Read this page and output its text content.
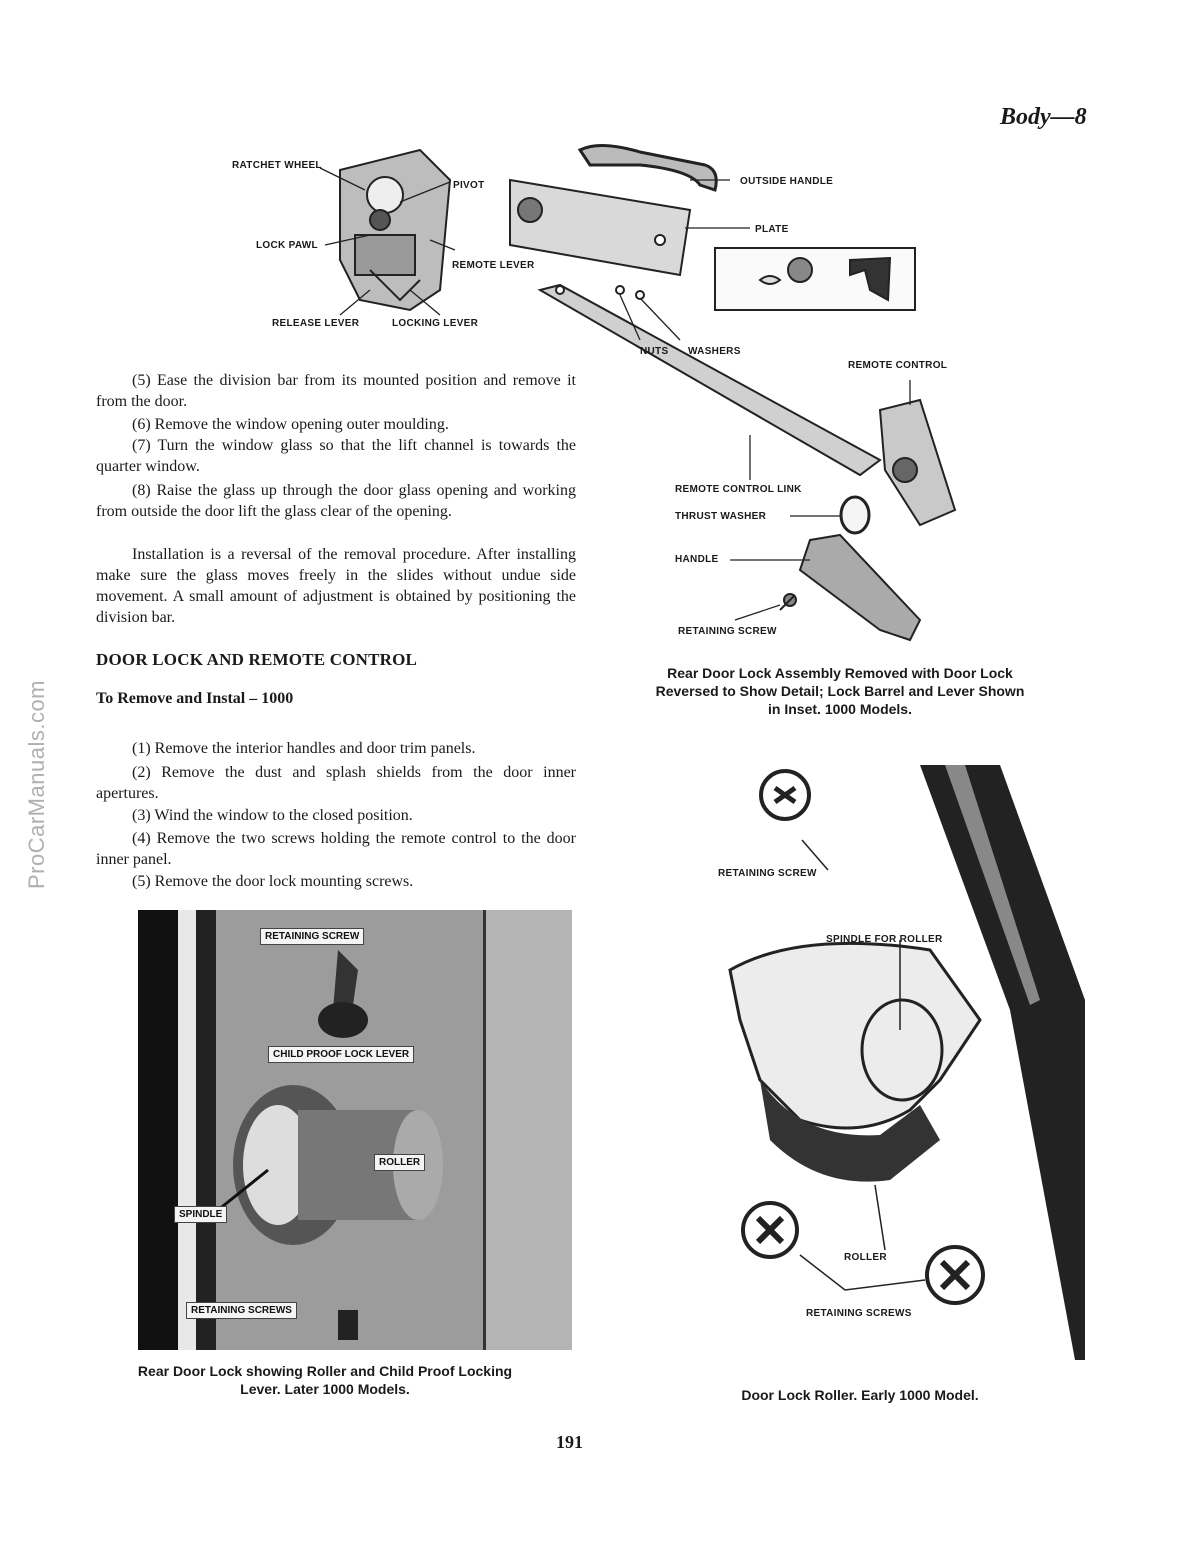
ProCarManuals.com
Body—8
RATCHET WHEEL
PIVOT
LOCK PAWL
REMOTE LEVER
RELEASE LEVER	LOCKING LEVER
OUTSIDE HANDLE
PLATE
NUTS WASHERS
REMOTE CONTROL
REMOTE CONTROL LINK
THRUST WASHER
HANDLE
RETAINING SCREW
Rear Door Lock Assembly Removed with Door Lock
Reversed to Show Detail; Lock Barrel and Lever Shown
in Inset. 1000 Models.
(5) Ease the division bar from its mounted position and remove it from the door.
(6) Remove the window opening outer moulding.
(7) Turn the window glass so that the lift channel is towards the quarter window.
(8) Raise the glass up through the door glass opening and working from outside the door lift the glass clear of the opening.
Installation is a reversal of the removal procedure. After installing make sure the glass moves freely in the slides without undue side movement. A small amount of adjustment is obtained by positioning the division bar.
DOOR LOCK AND REMOTE CONTROL
To Remove and Instal – 1000
(1) Remove the interior handles and door trim panels.
(2) Remove the dust and splash shields from the door inner apertures.
(3) Wind the window to the closed position.
(4) Remove the two screws holding the remote control to the door inner panel.
(5) Remove the door lock mounting screws.
RETAINING SCREW
CHILD PROOF LOCK LEVER
ROLLER
SPINDLE
RETAINING SCREWS
Rear Door Lock showing Roller and Child Proof Locking
Lever. Later 1000 Models.
RETAINING SCREW
SPINDLE FOR ROLLER
ROLLER
RETAINING SCREWS
Door Lock Roller. Early 1000 Model.
191
